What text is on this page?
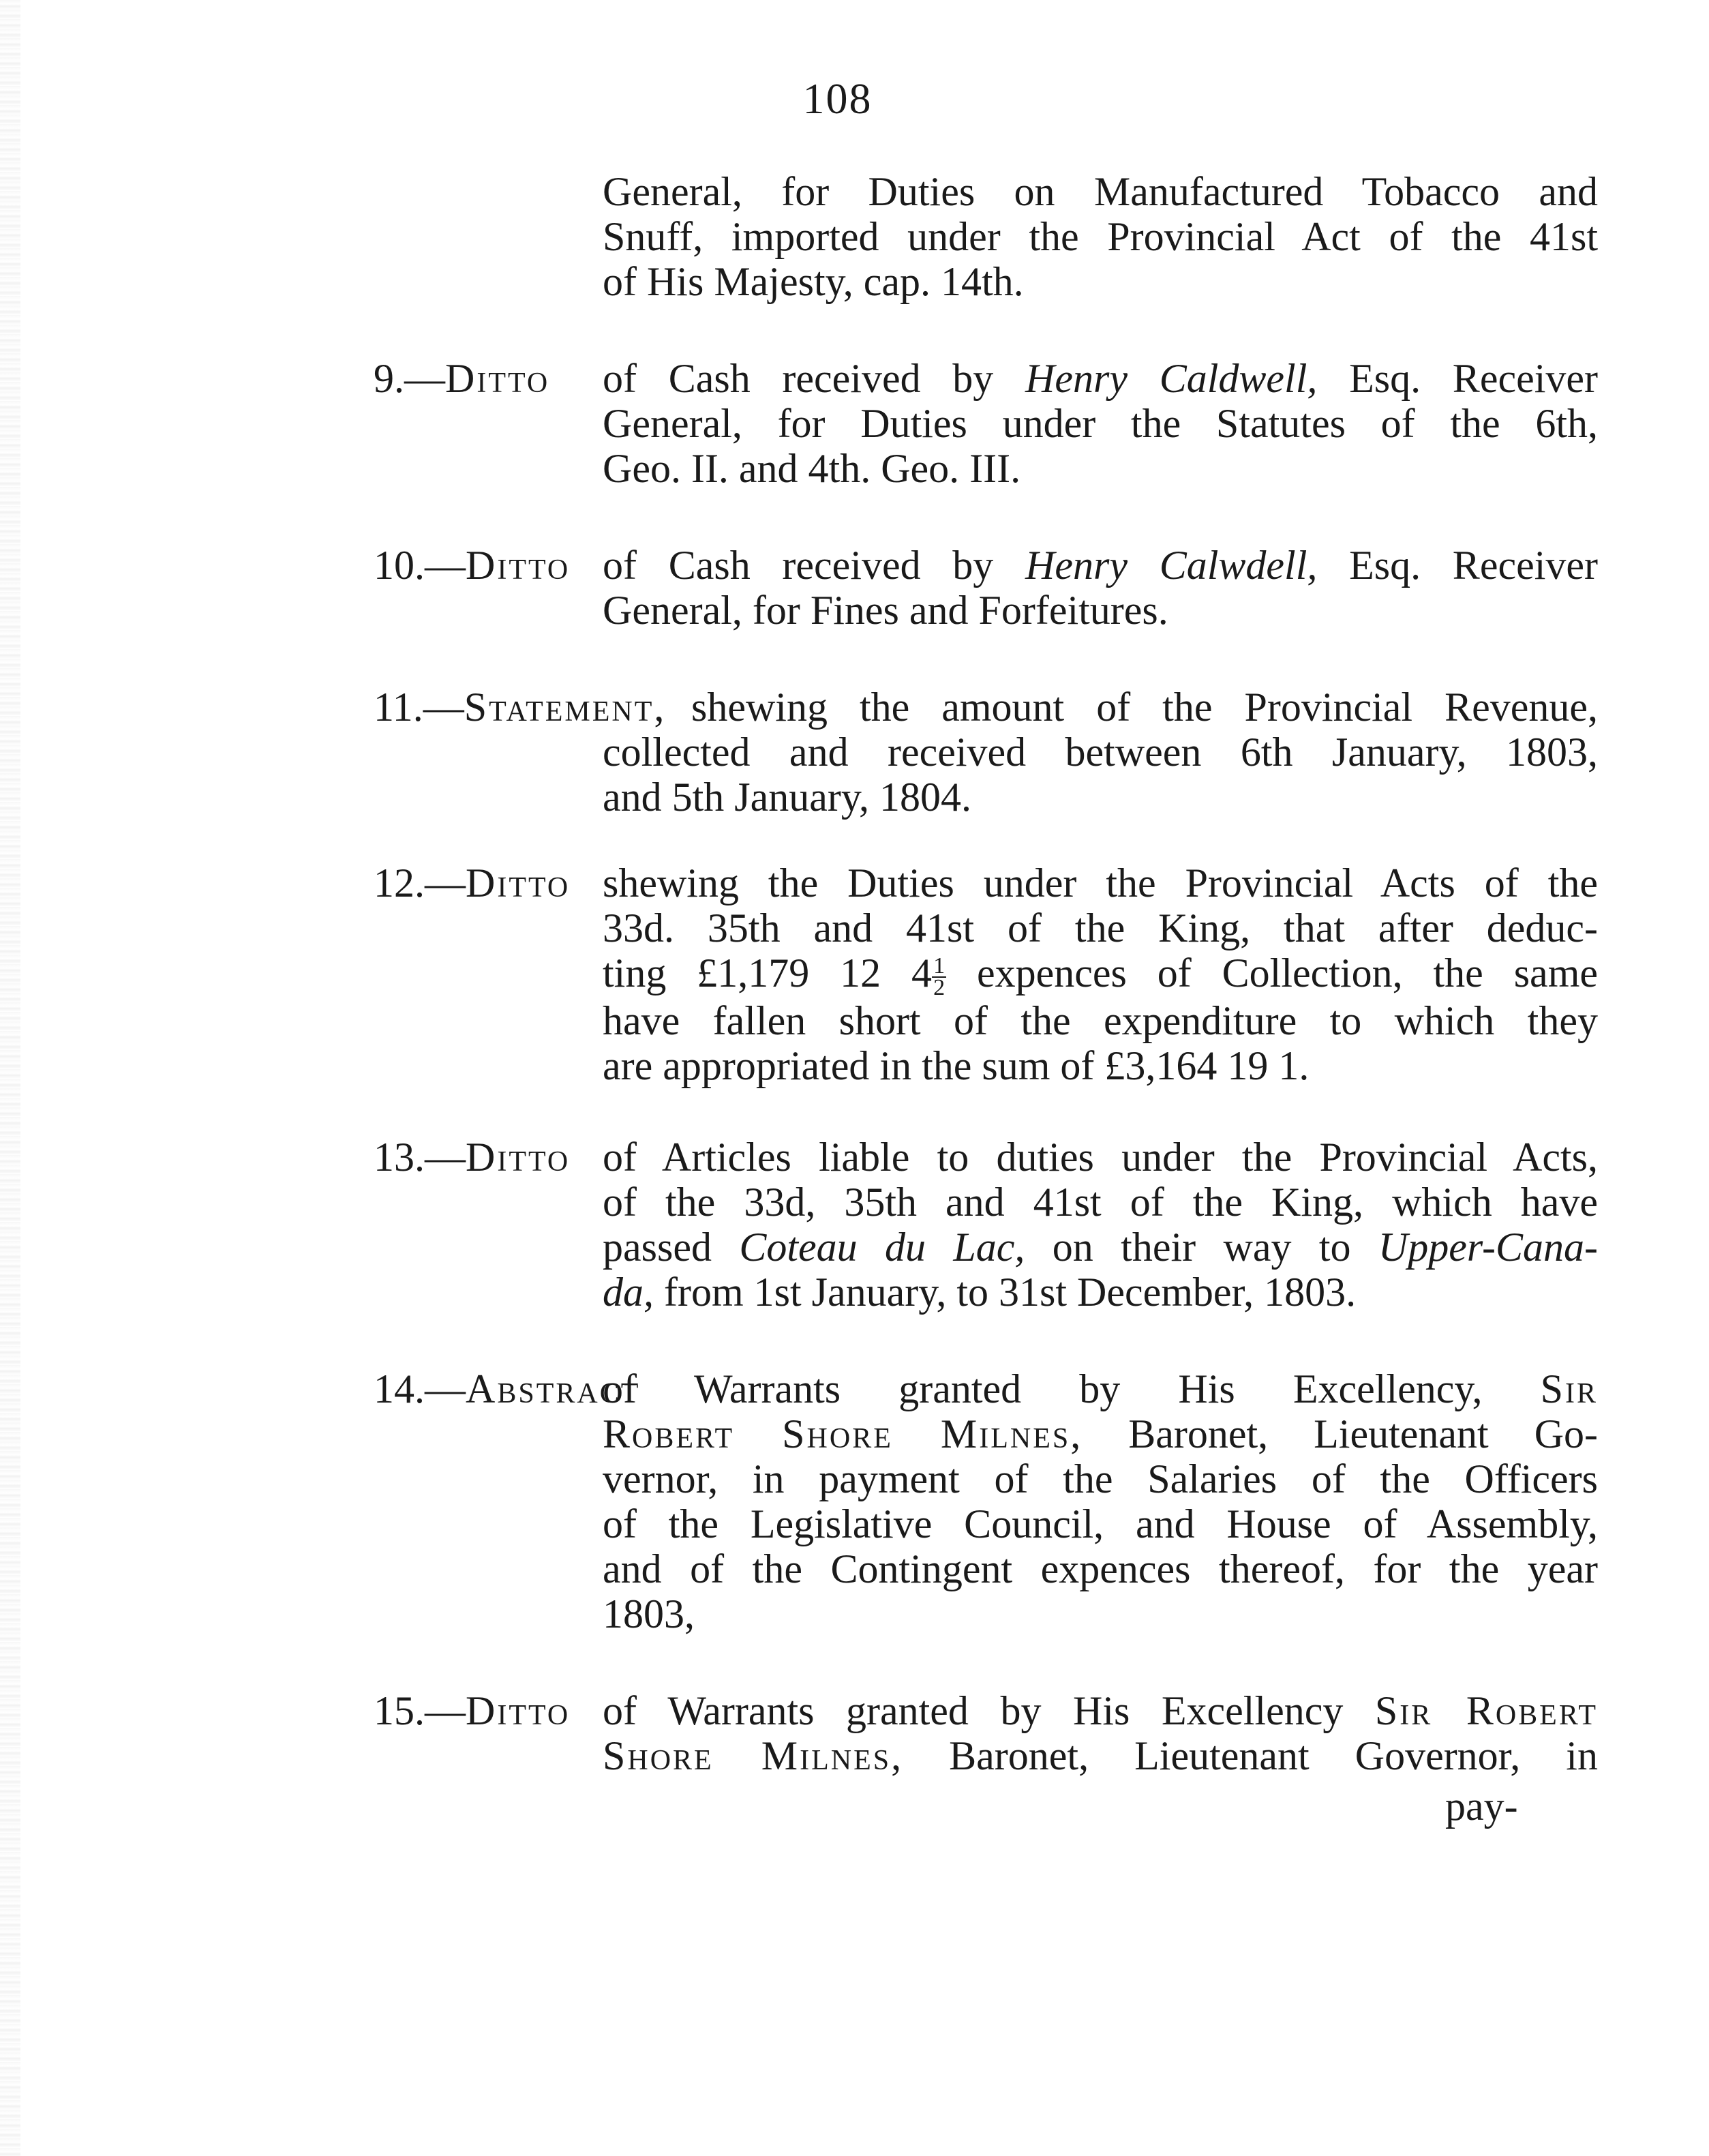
108
General, for Duties on Manufactured Tobacco and
Snuff, imported under the Provincial Act of the 41st
of His Majesty, cap. 14th.
9.—Ditto	of Cash received by Henry Caldwell, Esq. Receiver
General, for Duties under the Statutes of the 6th,
Geo. II. and 4th. Geo. III.
10.—Ditto of Cash received by Henry Calwdell, Esq. Receiver
General, for Fines and Forfeitures.
11.—Statement, shewing the amount of the Provincial Revenue,
collected and received between 6th January, 1803,
and 5th January, 1804.
12.—Ditto shewing the Duties under the Provincial Acts of the
33d. 35th and 41st of the King, that after deduc-
ting £1,179 12 $4 \frac{1}{2}$ expences of Collection, the same
have fallen short of the expenditure to which they
are appropriated in the sum of £3,164 19 1.
13.—Ditto of Articles liable to duties under the Provincial Acts,
of the 33d, 35th and 41st of the King, which have
passed Coteau du Lac, on their way to Upper-Cana-
da, from 1st January, to 31st December, 1803.
14.—Abstract
of Warrants granted by His Excellency, Sir
Robert Shore Milnes, Baronet, Lieutenant Go-
vernor, in payment of the Salaries of the Officers
of the Legislative Council, and House of Assembly,
and of the Contingent expences thereof, for the year
1803,
15.—Ditto of Warrants granted by His Excellency Sir Robert
Shore Milnes, Baronet, Lieutenant Governor, in
pay-
